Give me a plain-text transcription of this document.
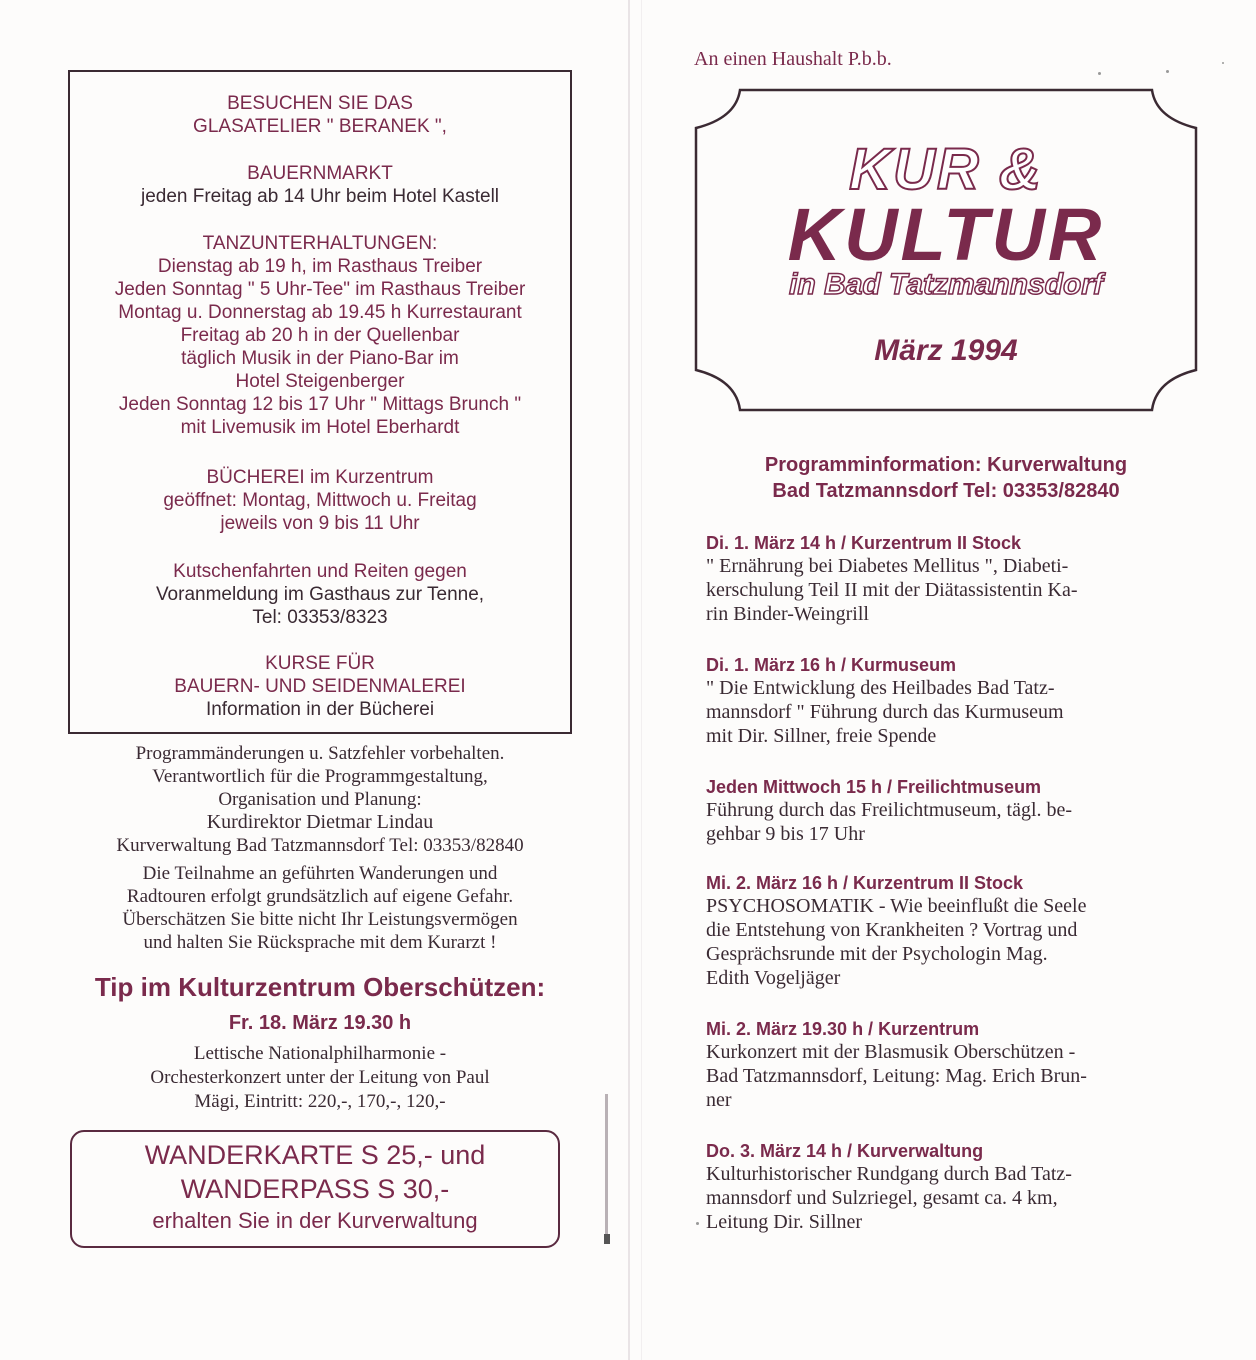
BESUCHEN SIE DAS
GLASATELIER " BERANEK ",
BAUERNMARKT
jeden Freitag ab 14 Uhr beim Hotel Kastell
TANZUNTERHALTUNGEN:
Dienstag ab 19 h, im Rasthaus Treiber
Jeden Sonntag " 5 Uhr-Tee" im Rasthaus Treiber
Montag u. Donnerstag ab 19.45 h Kurrestaurant
Freitag ab 20 h in der Quellenbar
täglich Musik in der Piano-Bar im
Hotel Steigenberger
Jeden Sonntag 12 bis 17 Uhr " Mittags Brunch "
mit Livemusik im Hotel Eberhardt
BÜCHEREI im Kurzentrum
geöffnet: Montag, Mittwoch u. Freitag
jeweils von 9 bis 11 Uhr
Kutschenfahrten und Reiten gegen
Voranmeldung im Gasthaus zur Tenne,
Tel: 03353/8323
KURSE FÜR
BAUERN- UND SEIDENMALEREI
Information in der Bücherei
Programmänderungen u. Satzfehler vorbehalten.
Verantwortlich für die Programmgestaltung,
Organisation und Planung:
Kurdirektor Dietmar Lindau
Kurverwaltung Bad Tatzmannsdorf Tel: 03353/82840
Die Teilnahme an geführten Wanderungen und
Radtouren erfolgt grundsätzlich auf eigene Gefahr.
Überschätzen Sie bitte nicht Ihr Leistungsvermögen
und halten Sie Rücksprache mit dem Kurarzt !
Tip im Kulturzentrum Oberschützen:
Fr. 18. März 19.30 h
Lettische Nationalphilharmonie -
Orchesterkonzert unter der Leitung von Paul
Mägi, Eintritt: 220,-, 170,-, 120,-
WANDERKARTE S 25,- und
WANDERPASS S 30,-
erhalten Sie in der Kurverwaltung
An einen Haushalt P.b.b.
KUR &
KULTUR
in Bad Tatzmannsdorf
März 1994
Programminformation: Kurverwaltung
Bad Tatzmannsdorf Tel: 03353/82840
Di. 1. März 14 h / Kurzentrum II Stock
" Ernährung bei Diabetes Mellitus ", Diabeti-
kerschulung Teil II mit der Diätassistentin Ka-
rin Binder-Weingrill
Di. 1. März 16 h / Kurmuseum
" Die Entwicklung des Heilbades Bad Tatz-
mannsdorf " Führung durch das Kurmuseum
mit Dir. Sillner, freie Spende
Jeden Mittwoch 15 h / Freilichtmuseum
Führung durch das Freilichtmuseum, tägl. be-
gehbar 9 bis 17 Uhr
Mi. 2. März 16 h / Kurzentrum II Stock
PSYCHOSOMATIK - Wie beeinflußt die Seele
die Entstehung von Krankheiten ? Vortrag und
Gesprächsrunde mit der Psychologin Mag.
Edith Vogeljäger
Mi. 2. März 19.30 h / Kurzentrum
Kurkonzert mit der Blasmusik Oberschützen -
Bad Tatzmannsdorf, Leitung: Mag. Erich Brun-
ner
Do. 3. März 14 h / Kurverwaltung
Kulturhistorischer Rundgang durch Bad Tatz-
mannsdorf und Sulzriegel, gesamt ca. 4 km,
Leitung Dir. Sillner
